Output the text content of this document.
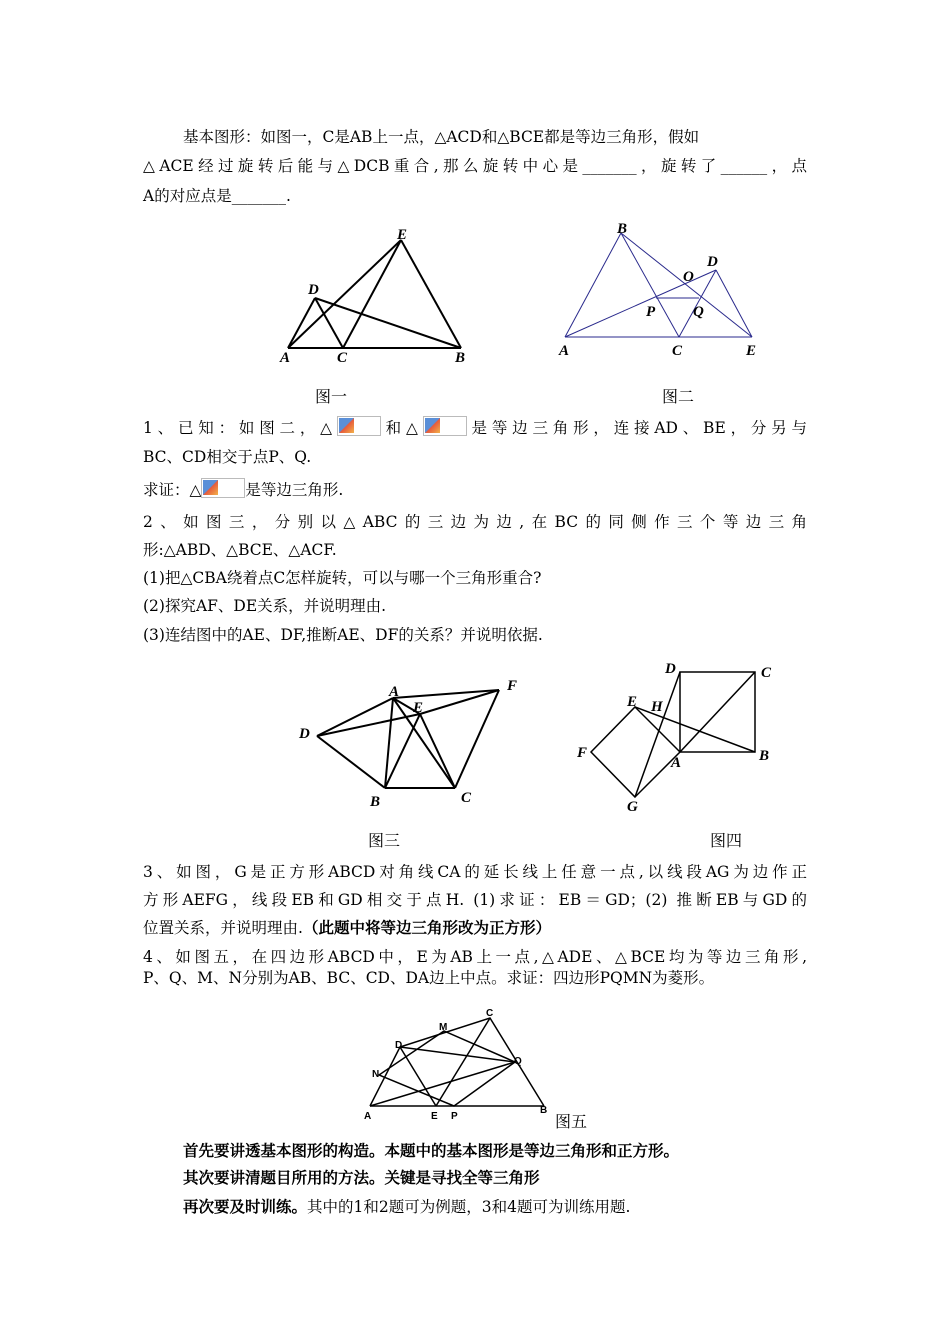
基本图形：如图一，C是AB上一点，△ACD和△BCE都是等边三角形，假如
△ACE经过旋转后能与△DCB重合,那么旋转中心是_______，旋转了______，点
A的对应点是_______.
E
D
A	C	B
图一
B
O
D
P	Q
A	C	E
图二
1、已知：如图二，△	和△	是等边三角形，连接AD、BE，分另与
BC、CD相交于点P、Q.
求证：△	是等边三角形.
2、如图三，分别以△ABC的三边为边,在BC的同侧作三个等边三角
形:△ABD、△BCE、△ACF.
(1)把△CBA绕着点C怎样旋转，可以与哪一个三角形重合?
(2)探究AF、DE关系，并说明理由.
(3)连结图中的AE、DF,推断AE、DF的关系？并说明依据.
A
E
F
D
B	C
图三
D	C
E H
F
A	B
G
图四
3、如图，G是正方形ABCD对角线CA的延长线上任意一点,以线段AG为边作正
方形AEFG，线段EB和GD相交于点H. (1)求证：EB＝GD；(2) 推断EB与GD的
位置关系，并说明理由.（此题中将等边三角形改为正方形）
4、如图五，在四边形ABCD中，E为AB上一点,△ADE、△BCE均为等边三角形,
P、Q、M、N分别为AB、BC、CD、DA边上中点。求证：四边形PQMN为菱形。
C
M
D
N
Q
A	E P
B
图五
首先要讲透基本图形的构造。本题中的基本图形是等边三角形和正方形。
其次要讲清题目所用的方法。关键是寻找全等三角形
再次要及时训练。其中的1和2题可为例题，3和4题可为训练用题.
